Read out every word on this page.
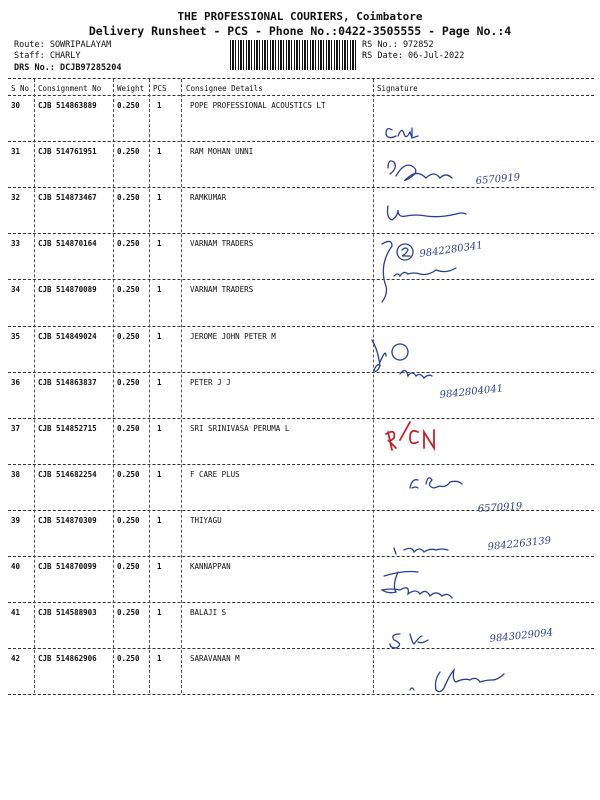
THE PROFESSIONAL COURIERS, Coimbatore
Delivery Runsheet - PCS - Phone No.:0422-3505555 - Page No.:4
Route: SOWRIPALAYAM
Staff: CHARLY
DRS No.: DCJB97285204
RS No.: 972852
RS Date: 06-Jul-2022
S No Consignment No Weight PCS	Consignee Details	Signature
30 CJB 514863889	0.250 1	POPE PROFESSIONAL ACOUSTICS LT
31 CJB 514761951	0.250 1	RAM MOHAN UNNI
32 CJB 514873467	0.250 1	RAMKUMAR
33 CJB 514870164	0.250 1	VARNAM TRADERS
34 CJB 514870089	0.250 1	VARNAM TRADERS
35 CJB 514849024	0.250 1	JEROME JOHN PETER M
36 CJB 514863837	0.250 1	PETER J J
37 CJB 514852715	0.250 1	SRI SRINIVASA PERUMA L
38 CJB 514682254	0.250 1	F CARE PLUS
39 CJB 514870309	0.250 1	THIYAGU
40 CJB 514870099	0.250 1	KANNAPPAN
41 CJB 514588903	0.250 1	BALAJI S
42 CJB 514862906	0.250 1	SARAVANAN M
6570919
9842280341
9842804041
6570919
9842263139
9843029094
